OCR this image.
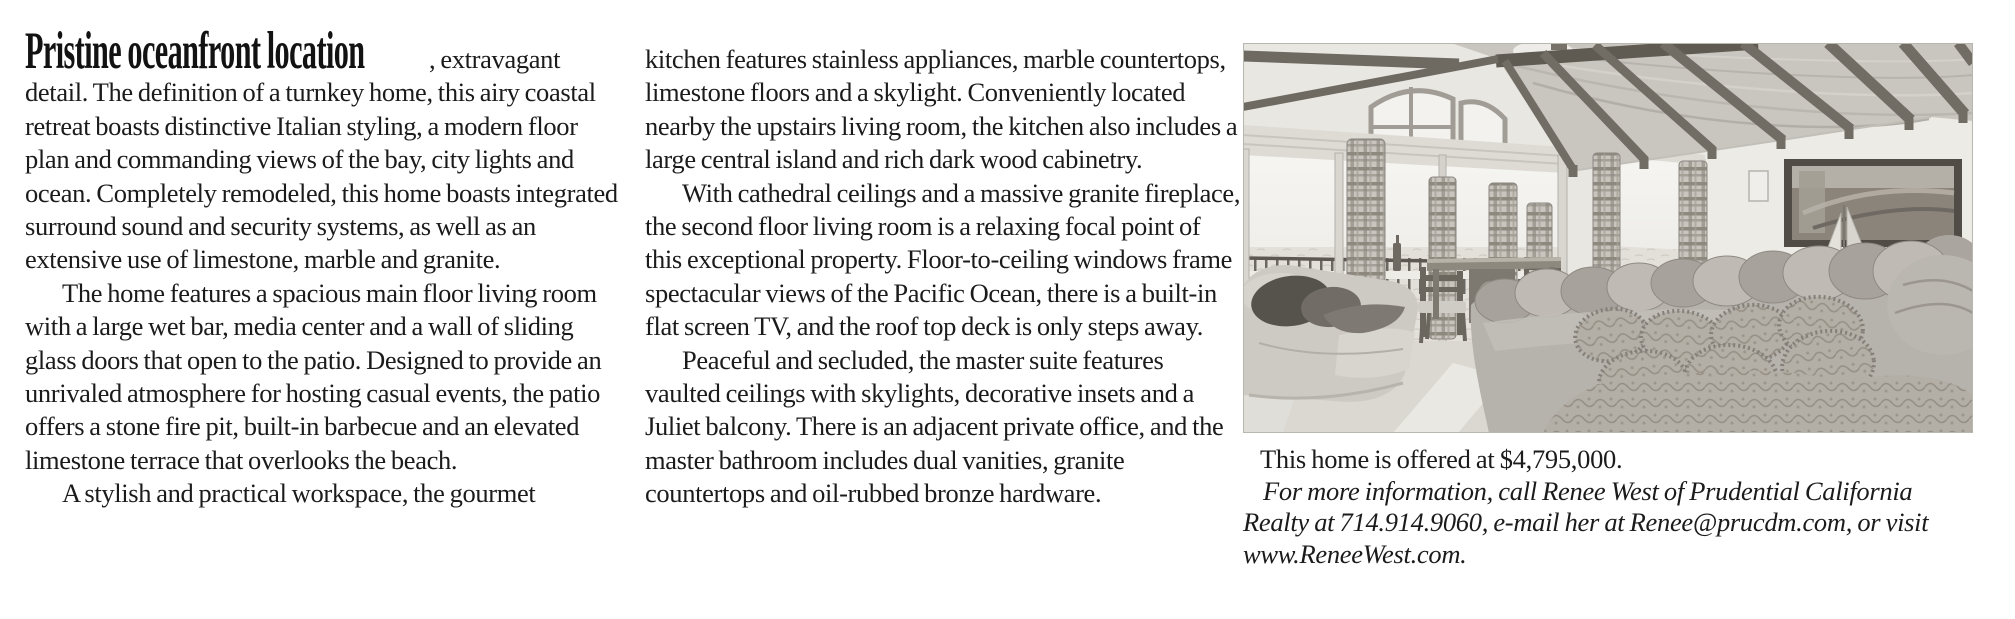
Pristine oceanfront location , extravagant detail. The definition of a turnkey home, this airy coastal retreat boasts distinctive Italian styling, a modern floor plan and commanding views of the bay, city lights and ocean. Completely remodeled, this home boasts integrated surround sound and security systems, as well as an extensive use of limestone, marble and granite.

The home features a spacious main floor living room with a large wet bar, media center and a wall of sliding glass doors that open to the patio. Designed to provide an unrivaled atmosphere for hosting casual events, the patio offers a stone fire pit, built-in barbecue and an elevated limestone terrace that overlooks the beach.

A stylish and practical workspace, the gourmet

kitchen features stainless appliances, marble countertops, limestone floors and a skylight. Conveniently located nearby the upstairs living room, the kitchen also includes a large central island and rich dark wood cabinetry.

With cathedral ceilings and a massive granite fireplace, the second floor living room is a relaxing focal point of this exceptional property. Floor-to-ceiling windows frame spectacular views of the Pacific Ocean, there is a built-in flat screen TV, and the roof top deck is only steps away.

Peaceful and secluded, the master suite features vaulted ceilings with skylights, decorative insets and a Juliet balcony. There is an adjacent private office, and the master bathroom includes dual vanities, granite countertops and oil-rubbed bronze hardware.

This home is offered at $4,795,000.

For more information, call Renee West of Prudential California Realty at 714.914.9060, e-mail her at Renee@prucdm.com, or visit www.ReneeWest.com.
